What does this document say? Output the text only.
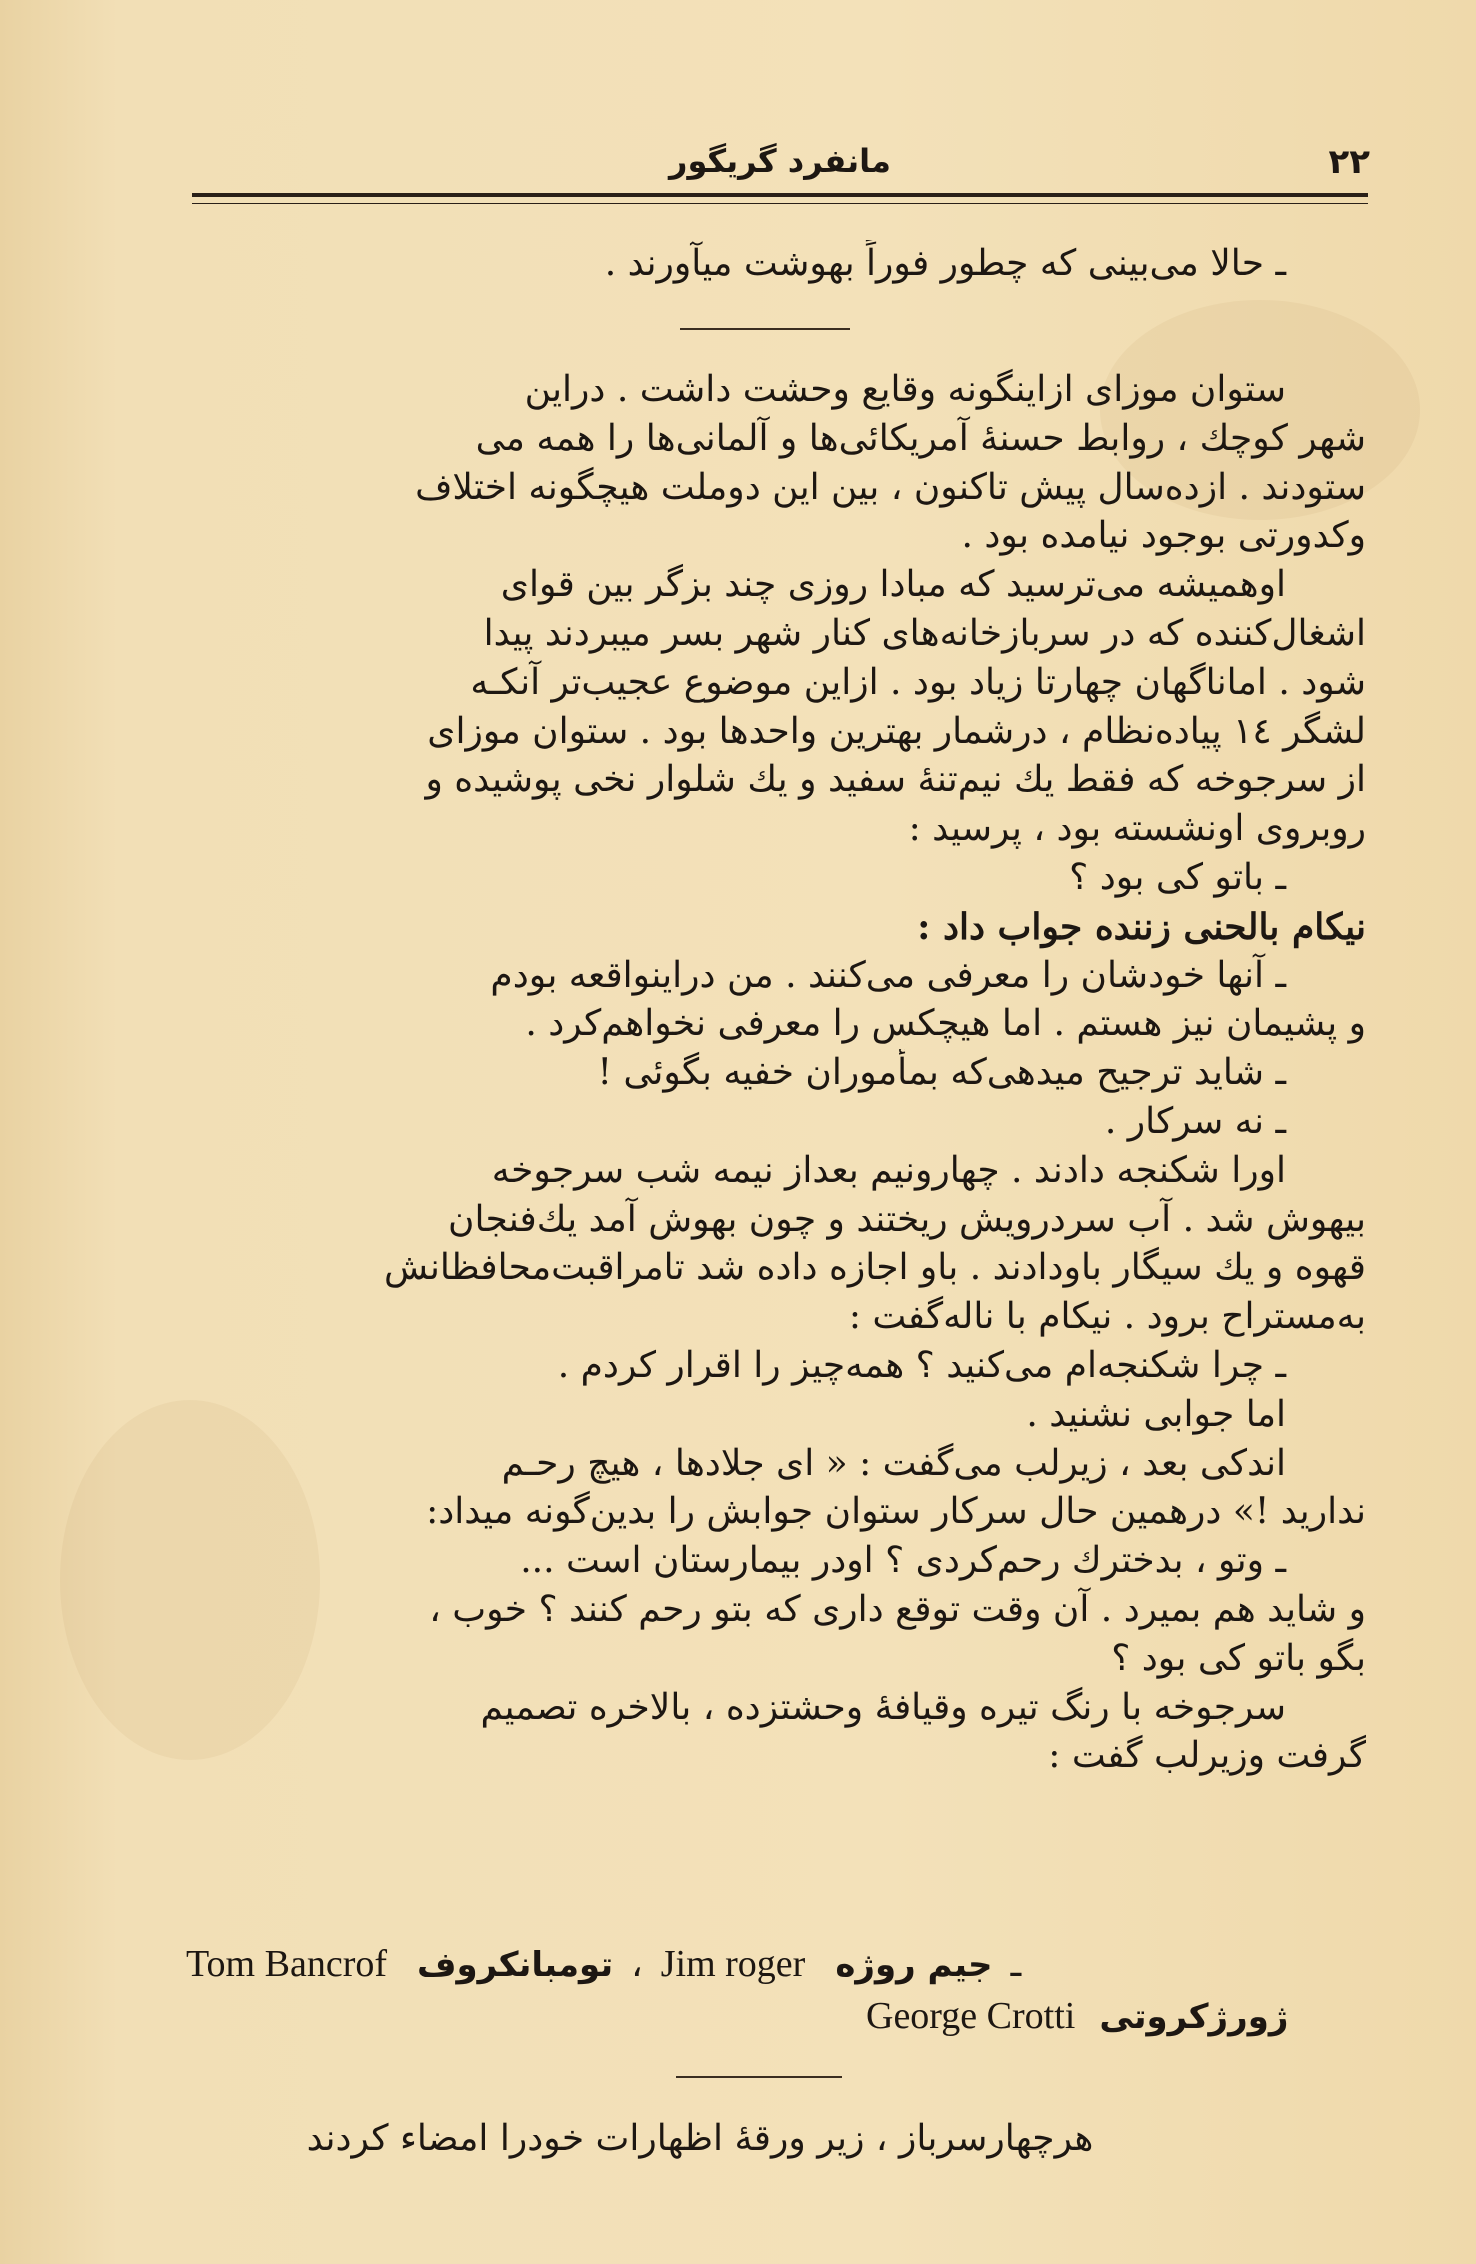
مانفرد گریگور	۲۲
ـ حالا می‌بینی که چطور فوراً بهوشت میآورند .
ستوان موزای ازاینگونه وقایع وحشت داشت . دراین
شهر کوچك ، روابط حسنهٔ آمریکائی‌ها و آلمانی‌ها را همه می
ستودند . ازده‌سال پیش تاکنون ، بین این دوملت هیچگونه اختلاف
وکدورتی بوجود نیامده بود .
اوهمیشه می‌ترسید که مبادا روزی چند بزگر بین قوای
اشغال‌کننده که در سربازخانه‌های کنار شهر بسر میبردند پیدا
شود . اماناگهان چهارتا زیاد بود . ازاین موضوع عجیب‌تر آنکـه
لشگر ۱٤ پیاده‌نظام ، درشمار بهترین واحدها بود . ستوان موزای
از سرجوخه که فقط یك نیم‌تنهٔ سفید و یك شلوار نخی پوشیده و
روبروی اونشسته بود ، پرسید :
ـ باتو کی بود ؟
نیکام بالحنی زننده جواب داد :
ـ آنها خودشان را معرفی می‌کنند . من دراینواقعه بودم
و پشیمان نیز هستم . اما هیچکس را معرفی نخواهم‌کرد .
ـ شاید ترجیح میدهی‌که بمأموران خفیه بگوئی !
ـ نه سرکار .
اورا شکنجه دادند . چهارونیم بعداز نیمه شب سرجوخه
بیهوش شد . آب سردرویش ریختند و چون بهوش آمد یك‌فنجان
قهوه و یك سیگار باودادند . باو اجازه داده شد تامراقبت‌محافظانش
به‌مستراح برود . نیکام با ناله‌گفت :
ـ چرا شکنجه‌ام می‌کنید ؟ همه‌چیز را اقرار کردم .
اما جوابی نشنید .
اندکی بعد ، زیرلب می‌گفت : « ای جلادها ، هیچ رحـم
ندارید !» درهمین حال سرکار ستوان جوابش را بدین‌گونه میداد:
ـ وتو ، بدخترك رحم‌کردی ؟ اودر بیمارستان است ...
و شاید هم بمیرد . آن وقت توقع داری که بتو رحم کنند ؟ خوب ،
بگو باتو کی بود ؟
سرجوخه با رنگ تیره وقیافهٔ وحشتزده ، بالاخره تصمیم
گرفت وزیرلب گفت :
Tom Bancrof تومبانکروف ، Jim roger جیم روژه ـ
George Crotti ژورژکروتی
هرچهارسرباز ، زیر ورقهٔ اظهارات خودرا امضاء کردند
